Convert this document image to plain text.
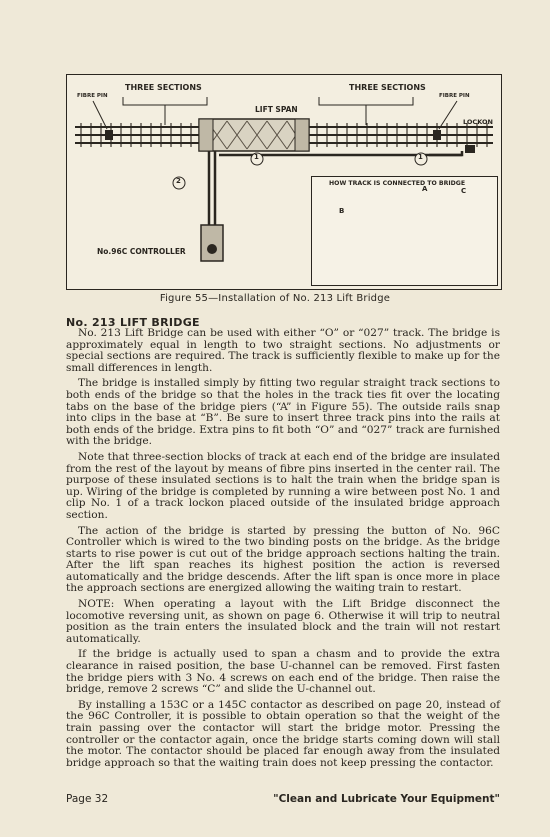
THREE SECTIONS	THREE SECTIONS
FIBRE PIN	FIBRE PIN
LIFT SPAN
LOCKON
No.96C CONTROLLER
HOW TRACK IS CONNECTED TO BRIDGE
1	1
2
A
B
C
Figure 55—Installation of No. 213 Lift Bridge
No. 213 LIFT BRIDGE

No. 213 Lift Bridge can be used with either “O” or “027” track. The bridge is approximately equal in length to two straight sections. No adjustments or special sections are required. The track is sufficiently flexible to make up for the small differences in length.

The bridge is installed simply by fitting two regular straight track sections to both ends of the bridge so that the holes in the track ties fit over the locating tabs on the base of the bridge piers (“A” in Figure 55). The outside rails snap into clips in the base at “B”. Be sure to insert three track pins into the rails at both ends of the bridge. Extra pins to fit both “O” and “027” track are furnished with the bridge.

Note that three-section blocks of track at each end of the bridge are insulated from the rest of the layout by means of fibre pins inserted in the center rail. The purpose of these insulated sections is to halt the train when the bridge span is up. Wiring of the bridge is completed by running a wire between post No. 1 and clip No. 1 of a track lockon placed outside of the insulated bridge approach section.

The action of the bridge is started by pressing the button of No. 96C Controller which is wired to the two binding posts on the bridge. As the bridge starts to rise power is cut out of the bridge approach sections halting the train. After the lift span reaches its highest position the action is reversed automatically and the bridge descends. After the lift span is once more in place the approach sections are energized allowing the waiting train to restart.

NOTE: When operating a layout with the Lift Bridge disconnect the locomotive reversing unit, as shown on page 6. Otherwise it will trip to neutral position as the train enters the insulated block and the train will not restart automatically.

If the bridge is actually used to span a chasm and to provide the extra clearance in raised position, the base U-channel can be removed. First fasten the bridge piers with 3 No. 4 screws on each end of the bridge. Then raise the bridge, remove 2 screws “C” and slide the U-channel out.

By installing a 153C or a 145C contactor as described on page 20, instead of the 96C Controller, it is possible to obtain operation so that the weight of the train passing over the contactor will start the bridge motor. Pressing the controller or the contactor again, once the bridge starts coming down will stall the motor. The contactor should be placed far enough away from the insulated bridge approach so that the waiting train does not keep pressing the contactor.

Page 32	"Clean and Lubricate Your Equipment"
